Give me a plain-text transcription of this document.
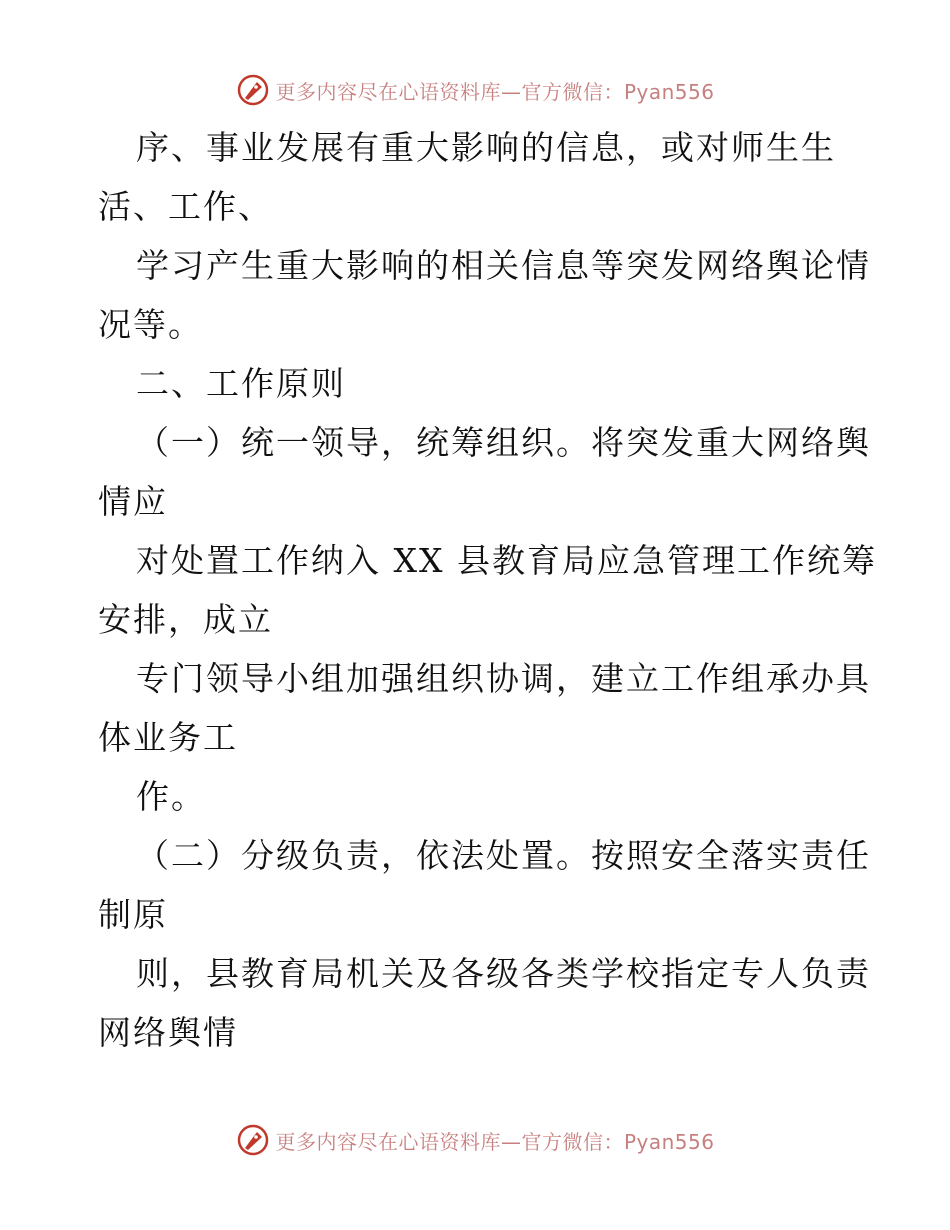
更多内容尽在心语资料库—官方微信：Pyan556
序、事业发展有重大影响的信息，或对师生生
活、工作、
学习产生重大影响的相关信息等突发网络舆论情
况等。
二、工作原则
（一）统一领导，统筹组织。将突发重大网络舆
情应
对处置工作纳入 XX 县教育局应急管理工作统筹
安排，成立
专门领导小组加强组织协调，建立工作组承办具
体业务工
作。
（二）分级负责，依法处置。按照安全落实责任
制原
则，县教育局机关及各级各类学校指定专人负责
网络舆情
更多内容尽在心语资料库—官方微信：Pyan556
